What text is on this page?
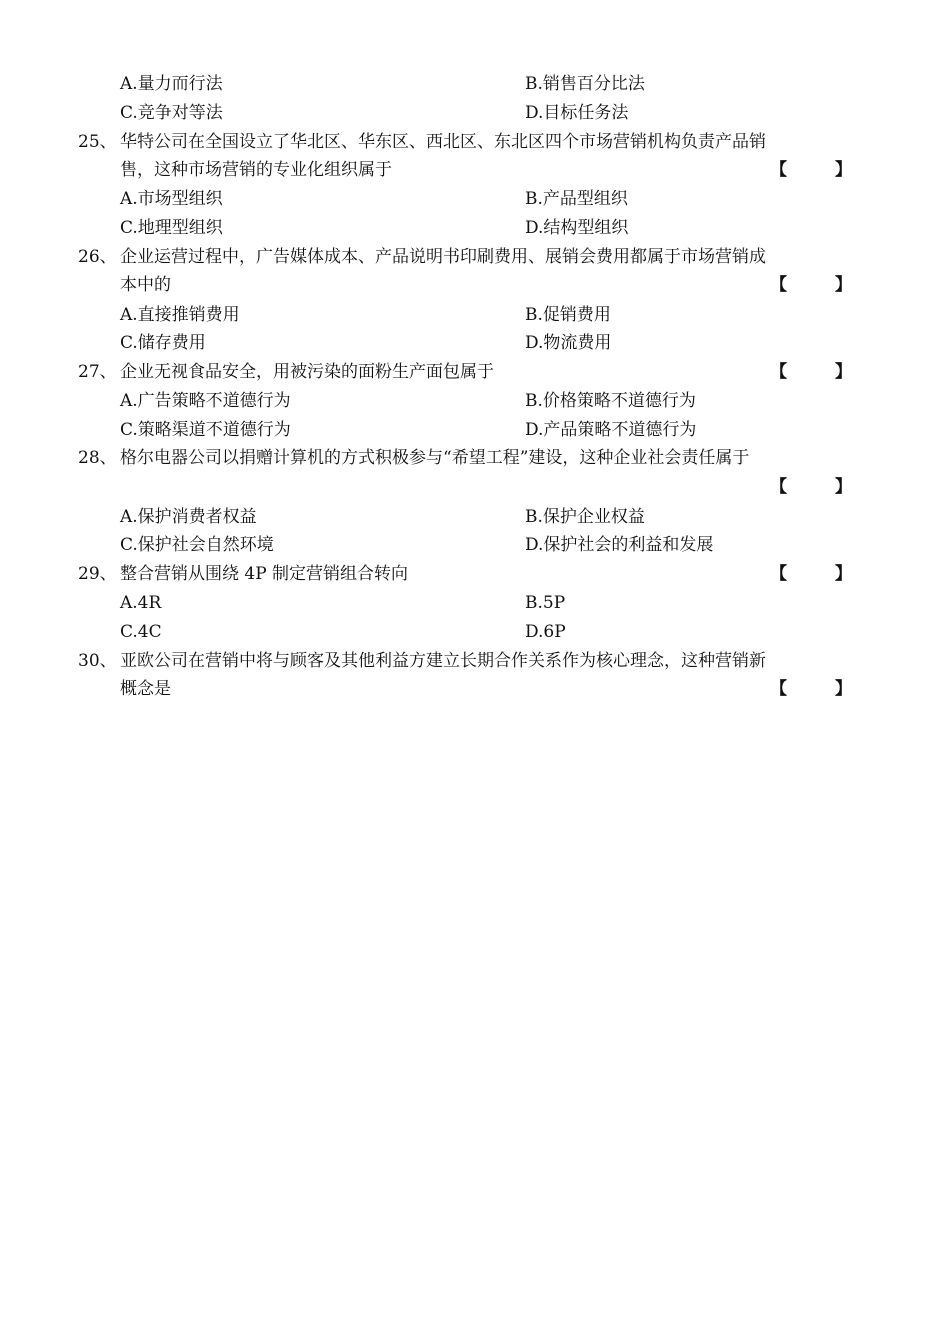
A.量力而行法	B.销售百分比法
C.竞争对等法	D.目标任务法
25、 华特公司在全国设立了华北区、华东区、西北区、东北区四个市场营销机构负责产品销
售，这种市场营销的专业化组织属于	【	】
A.市场型组织	B.产品型组织
C.地理型组织	D.结构型组织
26、 企业运营过程中，广告媒体成本、产品说明书印刷费用、展销会费用都属于市场营销成
本中的	【	】
A.直接推销费用	B.促销费用
C.储存费用	D.物流费用
27、 企业无视食品安全，用被污染的面粉生产面包属于	【	】
A.广告策略不道德行为	B.价格策略不道德行为
C.策略渠道不道德行为	D.产品策略不道德行为
28、 格尔电器公司以捐赠计算机的方式积极参与“希望工程”建设，这种企业社会责任属于
【	】
A.保护消费者权益	B.保护企业权益
C.保护社会自然环境	D.保护社会的利益和发展
29、 整合营销从围绕 4P 制定营销组合转向	【	】
A.4R	B.5P
C.4C	D.6P
30、 亚欧公司在营销中将与顾客及其他利益方建立长期合作关系作为核心理念，这种营销新
概念是	【	】
